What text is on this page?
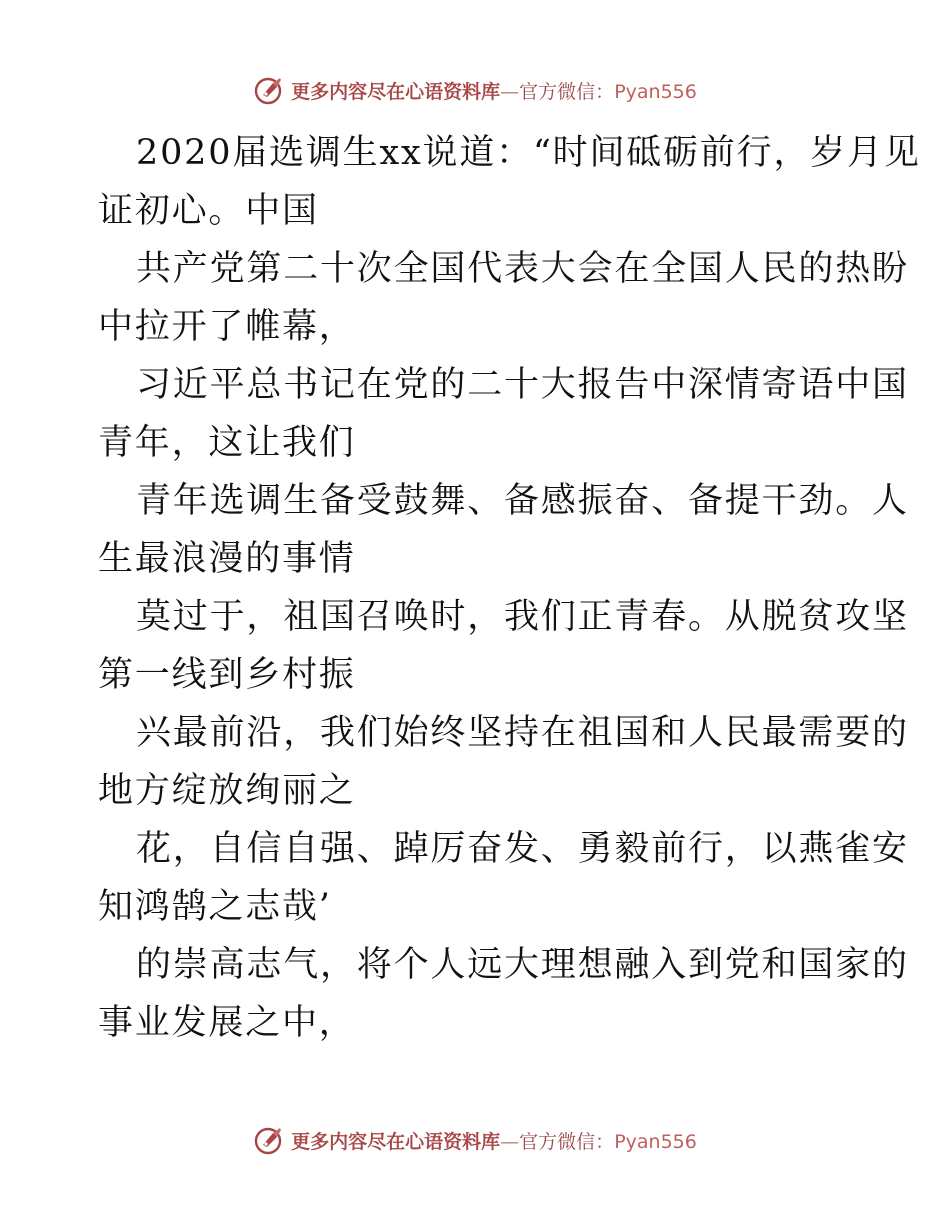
更多内容尽在心语资料库—官方微信：Pyan556

2020届选调生xx说道：“时间砥砺前行，岁月见
证初心。中国

共产党第二十次全国代表大会在全国人民的热盼
中拉开了帷幕，

习近平总书记在党的二十大报告中深情寄语中国
青年，这让我们

青年选调生备受鼓舞、备感振奋、备提干劲。人
生最浪漫的事情

莫过于，祖国召唤时，我们正青春。从脱贫攻坚
第一线到乡村振

兴最前沿，我们始终坚持在祖国和人民最需要的
地方绽放绚丽之

花，自信自强、踔厉奋发、勇毅前行，以燕雀安
知鸿鹄之志哉’

的崇高志气，将个人远大理想融入到党和国家的
事业发展之中，

更多内容尽在心语资料库—官方微信：Pyan556
